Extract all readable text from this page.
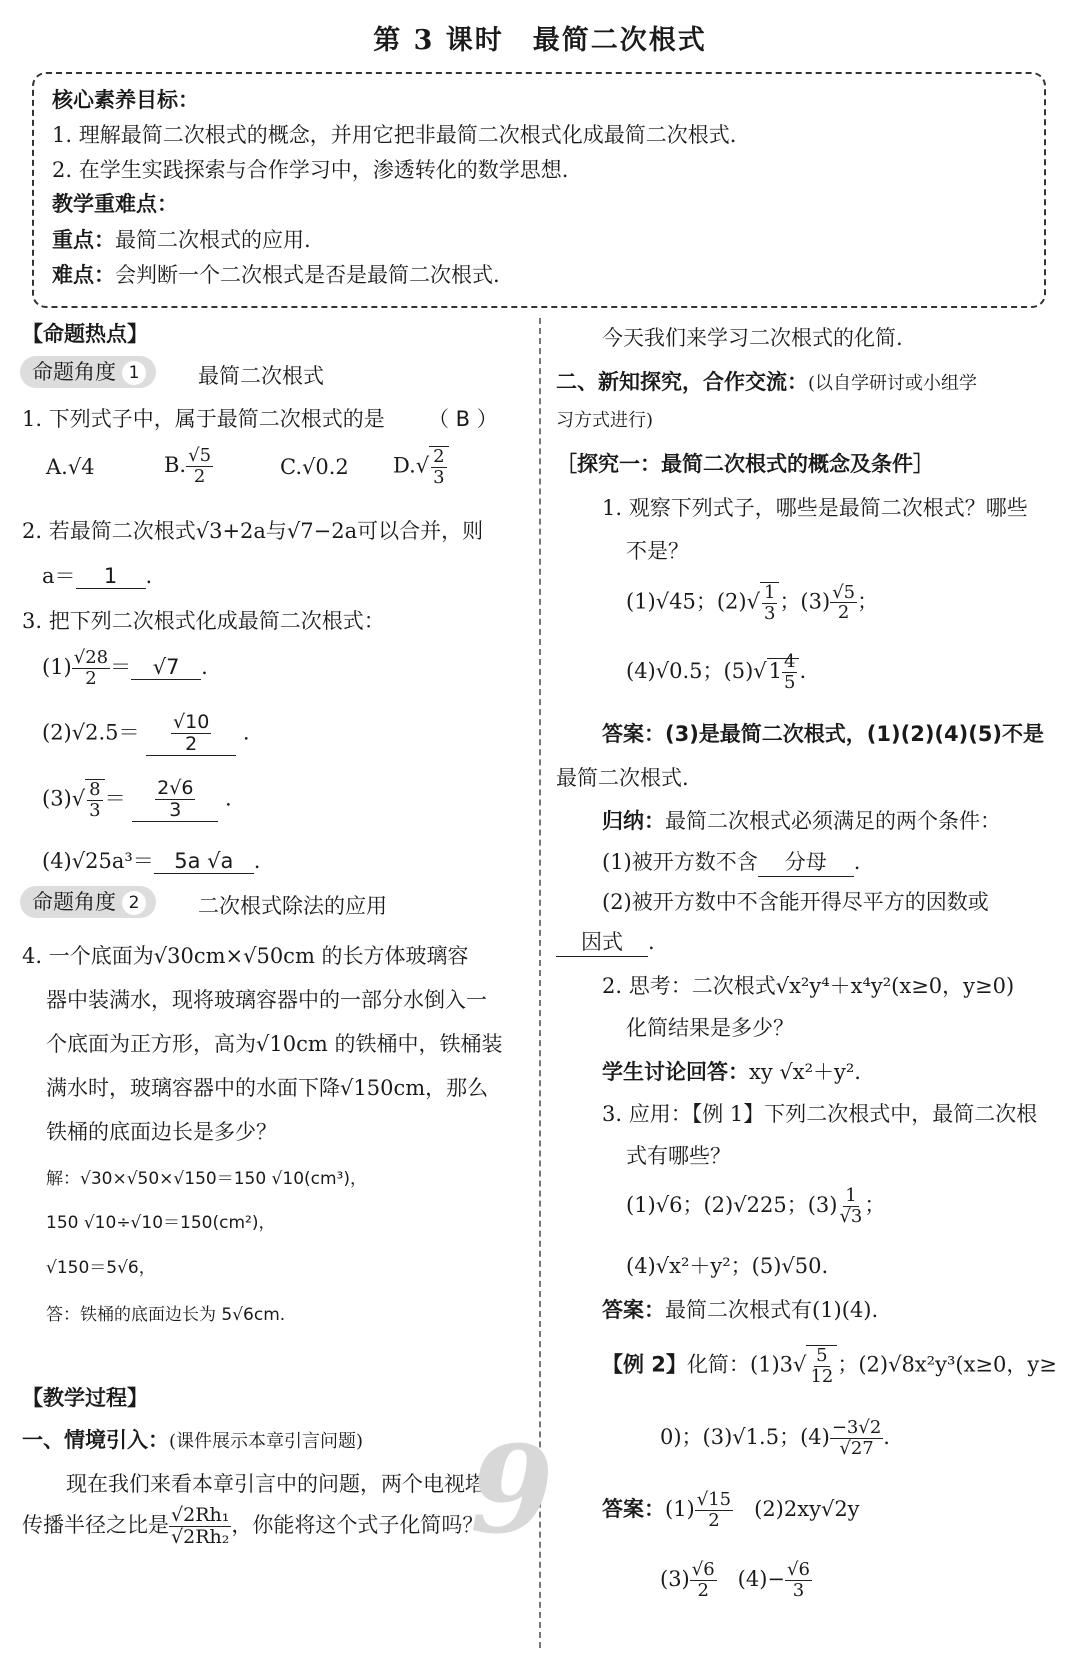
第 3 课时　最简二次根式
核心素养目标：
1. 理解最简二次根式的概念，并用它把非最简二次根式化成最简二次根式.
2. 在学生实践探索与合作学习中，渗透转化的数学思想.
教学重难点：
重点：最简二次根式的应用.
难点：会判断一个二次根式是否是最简二次根式.
【命题热点】
命题角度 1	最简二次根式
1. 下列式子中，属于最简二次根式的是 （ B ）
A.√4	B. $\frac{√5}{2}$	C.√0.2 $D.√ \frac{2}{3}$
2. 若最简二次根式√3+2a与√7−2a可以合并，则
a＝ 1 .
3. 把下列二次根式化成最简二次根式：
$(1) \frac{√28}{2} = √7$ .
$(2)√2.5= \frac{√10}{2}$ .
$(3)√ \frac{8}{3} = \frac{2√6}{3}$ .
(4)√25a³＝ 5a √a .
命题角度 2	二次根式除法的应用
4. 一个底面为√30cm×√50cm 的长方体玻璃容
器中装满水，现将玻璃容器中的一部分水倒入一
个底面为正方形，高为√10cm 的铁桶中，铁桶装
满水时，玻璃容器中的水面下降√150cm，那么
铁桶的底面边长是多少？
解：√30×√50×√150＝150 √10(cm³)，
150 √10÷√10＝150(cm²)，
√150＝5√6，
答：铁桶的底面边长为 5√6cm.
【教学过程】
一、情境引入：(课件展示本章引言问题)
现在我们来看本章引言中的问题，两个电视塔
传播半径之比是 $\frac{\text{√2Rh₁}}{\text{√2Rh₂}}$ ，你能将这个式子化简吗？
9
今天我们来学习二次根式的化简.
二、新知探究，合作交流：(以自学研讨或小组学
习方式进行)
［探究一：最简二次根式的概念及条件］
1. 观察下列式子，哪些是最简二次根式？哪些
不是？
(1)√45；$(2)√ \frac{1}{3}$ ；$(3) \frac{√5}{2}$ ；
(4)√0.5；$(5)√1 \frac{4}{5}$ .
答案：(3)是最简二次根式，(1)(2)(4)(5)不是
最简二次根式.
归纳：最简二次根式必须满足的两个条件：
(1)被开方数不含 分母 .
(2)被开方数中不含能开得尽平方的因数或
因式 .
2. 思考：二次根式√x²y⁴＋x⁴y²(x≥0，y≥0)
化简结果是多少？
学生讨论回答：xy √x²＋y².
3. 应用：【例 1】下列二次根式中，最简二次根
式有哪些？
(1)√6；(2)√225；$(3) \frac{1}{√3}$ ；
(4)√x²＋y²；(5)√50.
答案：最简二次根式有(1)(4).
【例 2】化简：$(1)3√ \frac{5}{12}$ ；(2)√8x²y³(x≥0，y≥
0)；(3)√1.5；$(4) \frac{-3√2}{√27}$ .
答案：$(1) \frac{√15}{2}$ 　(2)2xy√2y
$(3) \frac{√6}{2}$ 　$(4)- \frac{√6}{3}$
